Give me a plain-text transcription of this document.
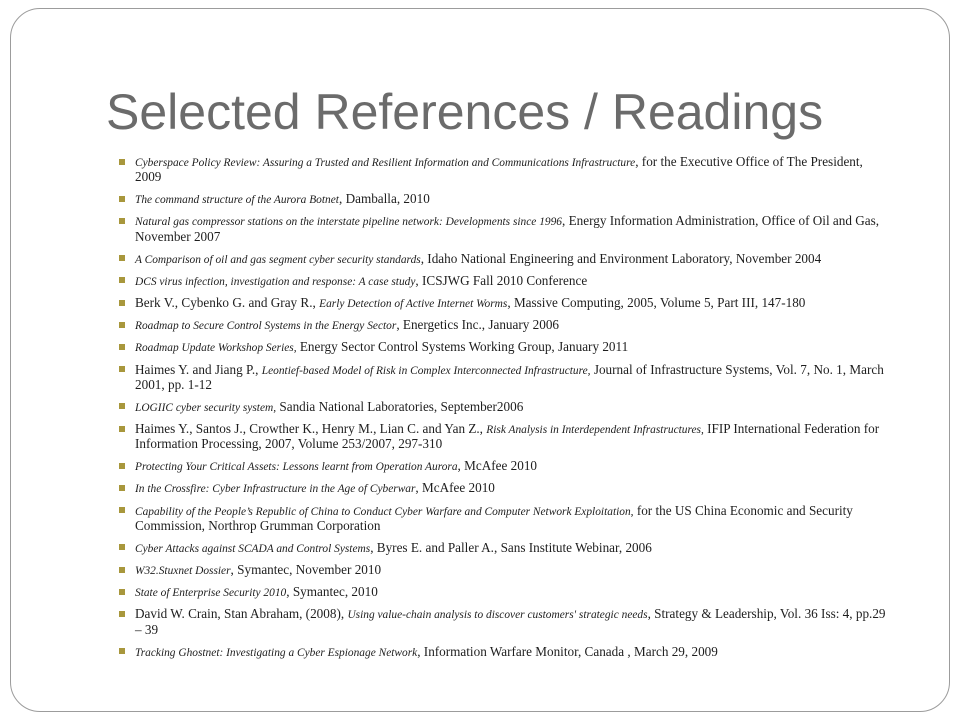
Selected References / Readings
Cyberspace Policy Review: Assuring a Trusted and Resilient Information and Communications Infrastructure, for the Executive Office of The President,
2009
The command structure of the Aurora Botnet, Damballa, 2010
Natural gas compressor stations on the interstate pipeline network: Developments since 1996, Energy Information Administration, Office of Oil and Gas,
November 2007
A Comparison of oil and gas segment cyber security standards, Idaho National Engineering and Environment Laboratory, November 2004
DCS virus infection, investigation and response: A case study, ICSJWG Fall 2010 Conference
Berk V., Cybenko G. and Gray R., Early Detection of Active Internet Worms, Massive Computing, 2005, Volume 5, Part III, 147-180
Roadmap to Secure Control Systems in the Energy Sector, Energetics Inc., January 2006
Roadmap Update Workshop Series, Energy Sector Control Systems Working Group, January 2011
Haimes Y. and Jiang P., Leontief-based Model of Risk in Complex Interconnected Infrastructure, Journal of Infrastructure Systems, Vol. 7, No. 1, March
2001, pp. 1-12
LOGIIC cyber security system, Sandia National Laboratories, September2006
Haimes Y., Santos J., Crowther K., Henry M., Lian C. and Yan Z., Risk Analysis in Interdependent Infrastructures, IFIP International Federation for
Information Processing, 2007, Volume 253/2007, 297-310
Protecting Your Critical Assets: Lessons learnt from Operation Aurora, McAfee 2010
In the Crossfire: Cyber Infrastructure in the Age of Cyberwar, McAfee 2010
Capability of the People’s Republic of China to Conduct Cyber Warfare and Computer Network Exploitation, for the US China Economic and Security
Commission, Northrop Grumman Corporation
Cyber Attacks against SCADA and Control Systems, Byres E. and Paller A., Sans Institute Webinar, 2006
W32.Stuxnet Dossier, Symantec, November 2010
State of Enterprise Security 2010, Symantec, 2010
David W. Crain, Stan Abraham, (2008), Using value-chain analysis to discover customers' strategic needs, Strategy & Leadership, Vol. 36 Iss: 4, pp.29
– 39
Tracking Ghostnet: Investigating a Cyber Espionage Network, Information Warfare Monitor, Canada , March 29, 2009
